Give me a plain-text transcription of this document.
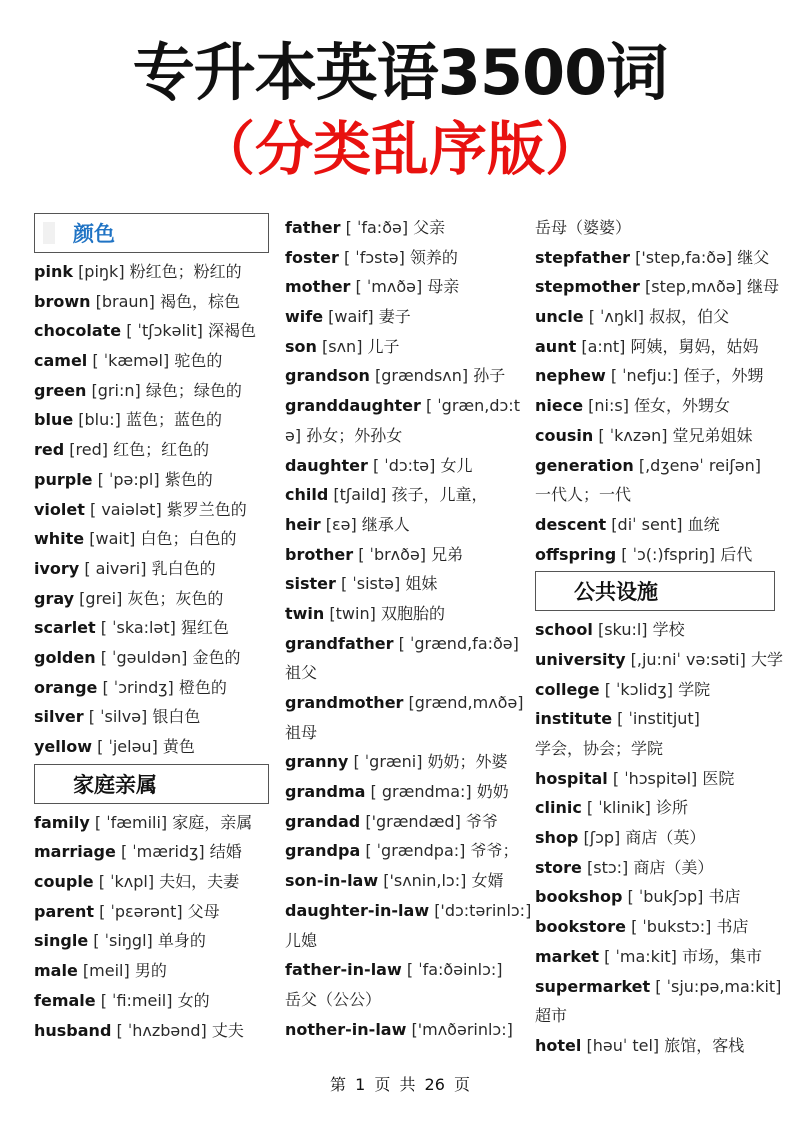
专升本英语3500词
（分类乱序版）
颜色
pink [piŋk] 粉红色；粉红的
brown [braun] 褐色，棕色
chocolate [ ˈtʃɔkəlit] 深褐色
camel [ ˈkæməl] 驼色的
green [gri:n] 绿色；绿色的
blue [blu:] 蓝色；蓝色的
red [red] 红色；红色的
purple [ ˈpə:pl] 紫色的
violet [ vaiələt] 紫罗兰色的
white [wait] 白色；白色的
ivory [ aivəri] 乳白色的
gray [grei] 灰色；灰色的
scarlet [ ˈska:lət] 猩红色
golden [ ˈgəuldən] 金色的
orange [ ˈɔrindʒ] 橙色的
silver [ ˈsilvə] 银白色
yellow [ ˈjeləu] 黄色
家庭亲属
family [ ˈfæmili] 家庭，亲属
marriage [ ˈmæridʒ] 结婚
couple [ ˈkʌpl] 夫妇，夫妻
parent [ ˈpεərənt] 父母
single [ ˈsiŋgl] 单身的
male [meil] 男的
female [ ˈfi:meil] 女的
husband [ ˈhʌzbənd] 丈夫
father [ ˈfa:ðə] 父亲
foster [ ˈfɔstə] 领养的
mother [ ˈmʌðə] 母亲
wife [waif] 妻子
son [sʌn] 儿子
grandson [grændsʌn] 孙子
granddaughter [ ˈgræn,dɔ:t
ə] 孙女；外孙女
daughter [ ˈdɔ:tə] 女儿
child [tʃaild] 孩子，儿童，
heir [εə] 继承人
brother [ ˈbrʌðə] 兄弟
sister [ ˈsistə] 姐妹
twin [twin] 双胞胎的
grandfather [ ˈgrænd,fa:ðə]
祖父
grandmother [grænd,mʌðə]
祖母
granny [ ˈgræni] 奶奶；外婆
grandma [ grændma:] 奶奶
grandad ['grændæd] 爷爷
grandpa [ ˈgrændpa:] 爷爷；
son-in-law ['sʌnin,lɔ:] 女婿
daughter-in-law ['dɔ:tərinlɔ:]
儿媳
father-in-law [ ˈfa:ðəinlɔ:]
岳父（公公）
nother-in-law ['mʌðərinlɔ:]
岳母（婆婆）
stepfather ['step,fa:ðə] 继父
stepmother [step,mʌðə] 继母
uncle [ ˈʌŋkl] 叔叔，伯父
aunt [a:nt] 阿姨，舅妈，姑妈
nephew [ ˈnefju:] 侄子，外甥
niece [ni:s] 侄女，外甥女
cousin [ ˈkʌzən] 堂兄弟姐妹
generation [,dʒenəˈ reiʃən]
一代人；一代
descent [diˈ sent] 血统
offspring [ ˈɔ(:)fspriŋ] 后代
公共设施
school [sku:l] 学校
university [,ju:niˈ və:səti] 大学
college [ ˈkɔlidʒ] 学院
institute [ ˈinstitjut]
学会，协会；学院
hospital [ ˈhɔspitəl] 医院
clinic [ ˈklinik] 诊所
shop [ʃɔp] 商店（英）
store [stɔ:] 商店（美）
bookshop [ ˈbukʃɔp] 书店
bookstore [ ˈbukstɔ:] 书店
market [ ˈma:kit] 市场，集市
supermarket [ ˈsju:pə,ma:kit]
超市
hotel [həuˈ tel] 旅馆，客栈
第 1 页 共 26 页
